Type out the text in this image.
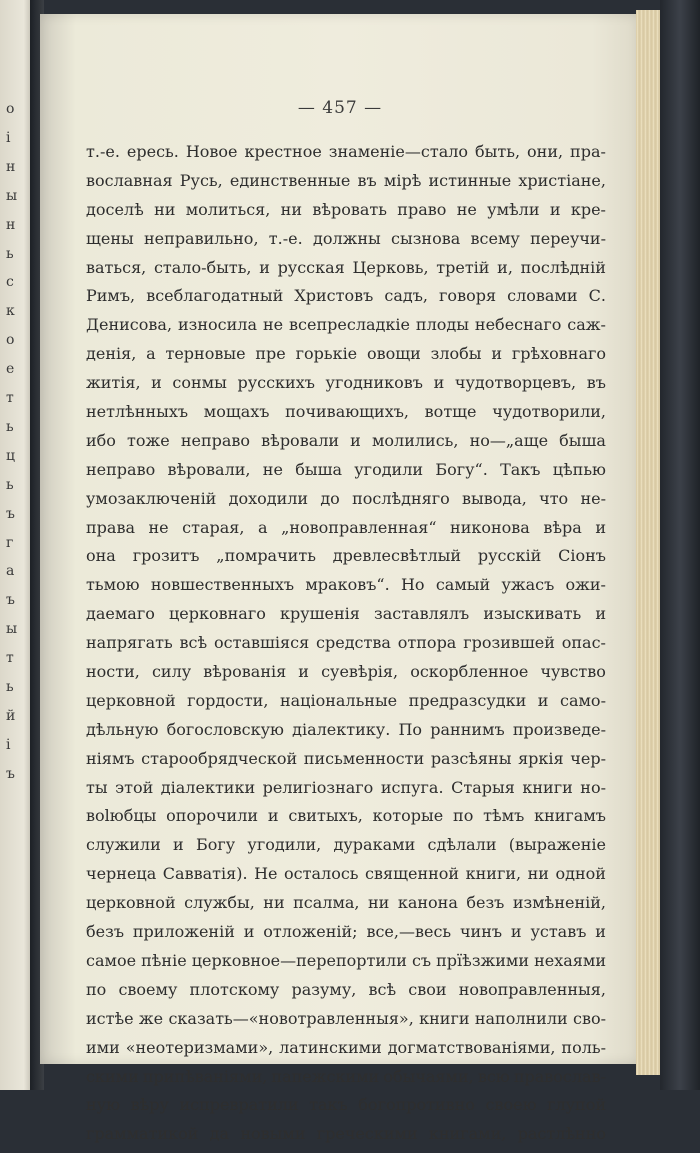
о
i
н
ы
н
ь
с
к
о
е
т
ь
ц
ь
ъ
г
а
ъ
ы
т
ь
й
і
ъ
— 457 —
т.-е. ересь. Новое крестное знаменіе—стало быть, они, пра-
вославная Русь, единственные въ мірѣ истинные христіане,
доселѣ ни молиться, ни вѣровать право не умѣли и кре-
щены неправильно, т.-е. должны сызнова всему переучи-
ваться, стало-быть, и русская Церковь, третій и, послѣдній
Римъ, всеблагодатный Христовъ садъ, говоря словами С.
Денисова, износила не всепресладкіе плоды небеснаго саж-
денія, а терновые пре горькіе овощи злобы и грѣховнаго
житія, и сонмы русскихъ угодниковъ и чудотворцевъ, въ
нетлѣнныхъ мощахъ почивающихъ, вотще чудотворили,
ибо тоже неправо вѣровали и молились, но—„аще быша
неправо вѣровали, не быша угодили Богу“. Такъ цѣпью
умозаключеній доходили до послѣдняго вывода, что не-
права не старая, а „новоправленная“ никонова вѣра и
она грозитъ „помрачить древлесвѣтлый русскій Сіонъ
тьмою новшественныхъ мраковъ“. Но самый ужасъ ожи-
даемаго церковнаго крушенія заставлялъ изыскивать и
напрягать всѣ оставшіяся средства отпора грозившей опас-
ности, силу вѣрованія и суевѣрія, оскорбленное чувство
церковной гордости, національные предразсудки и само-
дѣльную богословскую діалектику. По раннимъ произведе-
ніямъ старообрядческой письменности разсѣяны яркія чер-
ты этой діалектики религіознаго испуга. Старыя книги но-
вolюбцы опорочили и свитыхъ, которые по тѣмъ книгамъ
служили и Богу угодили, дураками сдѣлали (выраженіе
чернеца Савватія). Не осталось священной книги, ни одной
церковной службы, ни псалма, ни канона безъ измѣненій,
безъ приложеній и отложеній; все,—весь чинъ и уставъ и
самое пѣніе церковное—перепортили съ прїѣзжими нехаями
по своему плотскому разуму, всѣ свои новоправленныя,
истѣе же сказать—«новотравленныя», книги наполнили сво-
ими «неотеризмами», латинскими догматствованіями, поль-
скими припѣваніями, папежскими обычаями, всю православ-
ную вѣру испревратили такъ богопротивно своею глупой
грамматикой да новыми греческими книгами, растлѣнно
